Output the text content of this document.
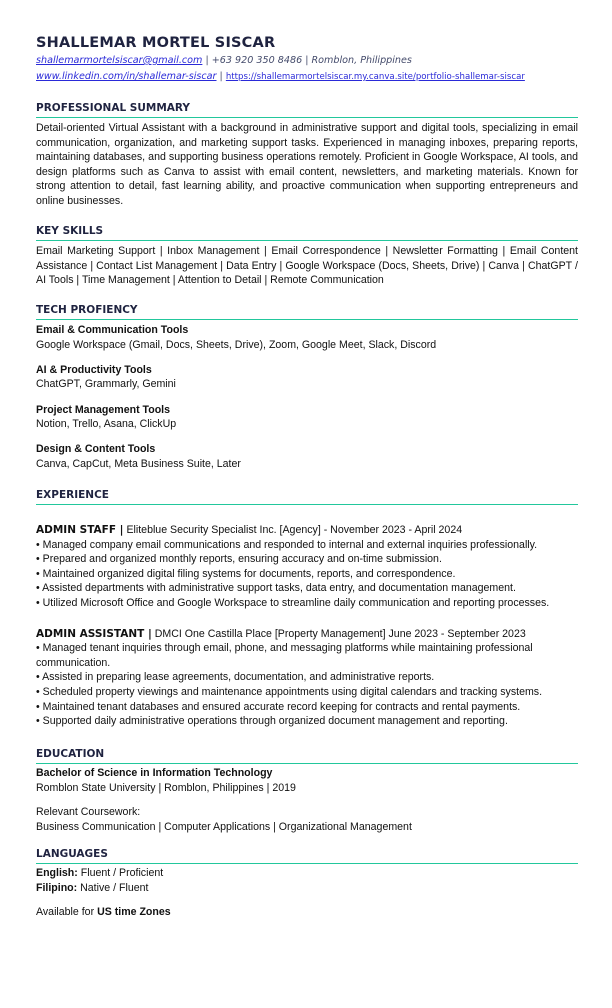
SHALLEMAR MORTEL SISCAR
shallemarmortelsiscar@gmail.com | +63 920 350 8486 | Romblon, Philippines
www.linkedin.com/in/shallemar-siscar | https://shallemarmortelsiscar.my.canva.site/portfolio-shallemar-siscar
PROFESSIONAL SUMMARY
Detail-oriented Virtual Assistant with a background in administrative support and digital tools, specializing in email communication, organization, and marketing support tasks. Experienced in managing inboxes, preparing reports, maintaining databases, and supporting business operations remotely. Proficient in Google Workspace, AI tools, and design platforms such as Canva to assist with email content, newsletters, and marketing materials. Known for strong attention to detail, fast learning ability, and proactive communication when supporting entrepreneurs and online businesses.
KEY SKILLS
Email Marketing Support | Inbox Management | Email Correspondence | Newsletter Formatting | Email Content Assistance | Contact List Management | Data Entry | Google Workspace (Docs, Sheets, Drive) | Canva | ChatGPT / AI Tools | Time Management | Attention to Detail | Remote Communication
TECH PROFIENCY
Email & Communication Tools
Google Workspace (Gmail, Docs, Sheets, Drive), Zoom, Google Meet, Slack, Discord
AI & Productivity Tools
ChatGPT, Grammarly, Gemini
Project Management Tools
Notion, Trello, Asana, ClickUp
Design & Content Tools
Canva, CapCut, Meta Business Suite, Later
EXPERIENCE
ADMIN STAFF | Eliteblue Security Specialist Inc. [Agency] - November 2023 - April 2024
• Managed company email communications and responded to internal and external inquiries professionally.
• Prepared and organized monthly reports, ensuring accuracy and on-time submission.
• Maintained organized digital filing systems for documents, reports, and correspondence.
• Assisted departments with administrative support tasks, data entry, and documentation management.
• Utilized Microsoft Office and Google Workspace to streamline daily communication and reporting processes.
ADMIN ASSISTANT | DMCI One Castilla Place [Property Management] June 2023 - September 2023
• Managed tenant inquiries through email, phone, and messaging platforms while maintaining professional communication.
• Assisted in preparing lease agreements, documentation, and administrative reports.
• Scheduled property viewings and maintenance appointments using digital calendars and tracking systems.
• Maintained tenant databases and ensured accurate record keeping for contracts and rental payments.
• Supported daily administrative operations through organized document management and reporting.
EDUCATION
Bachelor of Science in Information Technology
Romblon State University | Romblon, Philippines | 2019
Relevant Coursework:
Business Communication | Computer Applications | Organizational Management
LANGUAGES
English: Fluent / Proficient
Filipino: Native / Fluent
Available for US time Zones
